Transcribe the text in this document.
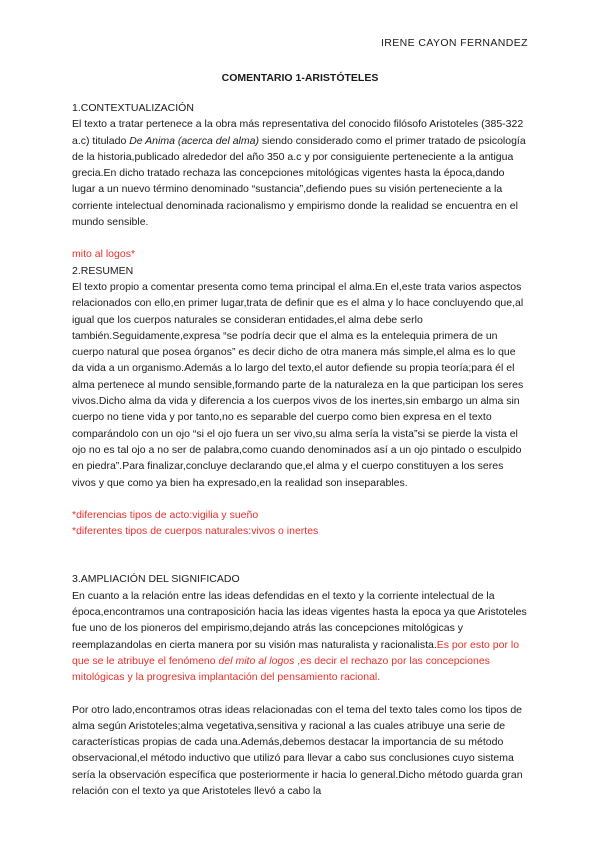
IRENE CAYON FERNANDEZ
COMENTARIO 1-ARISTÓTELES

1.CONTEXTUALIZACIÓN

El texto a tratar pertenece a la obra más representativa del conocido filósofo Aristoteles (385-322 a.c) titulado De Anima (acerca del alma) siendo considerado como el primer tratado de psicología de la historia,publicado alrededor del año 350 a.c y por consiguiente perteneciente a la antigua grecia.En dicho tratado rechaza las concepciones mitológicas vigentes hasta la época,dando lugar a un nuevo término denominado “sustancia”,defiendo pues su visión perteneciente a la corriente intelectual denominada racionalismo y empirismo donde la realidad se encuentra en el mundo sensible.

mito al logos*

2.RESUMEN

El texto propio a comentar presenta como tema principal el alma.En el,este trata varios aspectos relacionados con ello,en primer lugar,trata de definir que es el alma y lo hace concluyendo que,al igual que los cuerpos naturales se consideran entidades,el alma debe serlo también.Seguidamente,expresa “se podría decir que el alma es la entelequia primera de un cuerpo natural que posea órganos” es decir dicho de otra manera más simple,el alma es lo que da vida a un organismo.Además a lo largo del texto,el autor defiende su propia teoría;para él el alma pertenece al mundo sensible,formando parte de la naturaleza en la que participan los seres vivos.Dicho alma da vida y diferencia a los cuerpos vivos de los inertes,sin embargo un alma sin cuerpo no tiene vida y por tanto,no es separable del cuerpo como bien expresa en el texto comparándolo con un ojo “si el ojo fuera un ser vivo,su alma sería la vista”si se pierde la vista el ojo no es tal ojo a no ser de palabra,como cuando denominados así a un ojo pintado o esculpido en piedra”.Para finalizar,concluye declarando que,el alma y el cuerpo constituyen a los seres vivos y que como ya bien ha expresado,en la realidad son inseparables.

*diferencias tipos de acto:vigilia y sueño

*diferentes tipos de cuerpos naturales:vivos o inertes

3.AMPLIACIÓN DEL SIGNIFICADO

En cuanto a la relación entre las ideas defendidas en el texto y la corriente intelectual de la época,encontramos una contraposición hacia las ideas vigentes hasta la epoca ya que Aristoteles fue uno de los pioneros del empirismo,dejando atrás las concepciones mitológicas y reemplazandolas en cierta manera por su visión mas naturalista y racionalista.Es por esto por lo que se le atribuye el fenómeno del mito al logos ,es decir el rechazo por las concepciones mitológicas y la progresiva implantación del pensamiento racional.

Por otro lado,encontramos otras ideas relacionadas con el tema del texto tales como los tipos de alma según Aristoteles;alma vegetativa,sensitiva y racional a las cuales atribuye una serie de características propias de cada una.Además,debemos destacar la importancia de su método observacional,el método inductivo que utilizó para llevar a cabo sus conclusiones cuyo sistema sería la observación específica que posteriormente ir hacia lo general.Dicho método guarda gran relación con el texto ya que Aristoteles llevó a cabo la
